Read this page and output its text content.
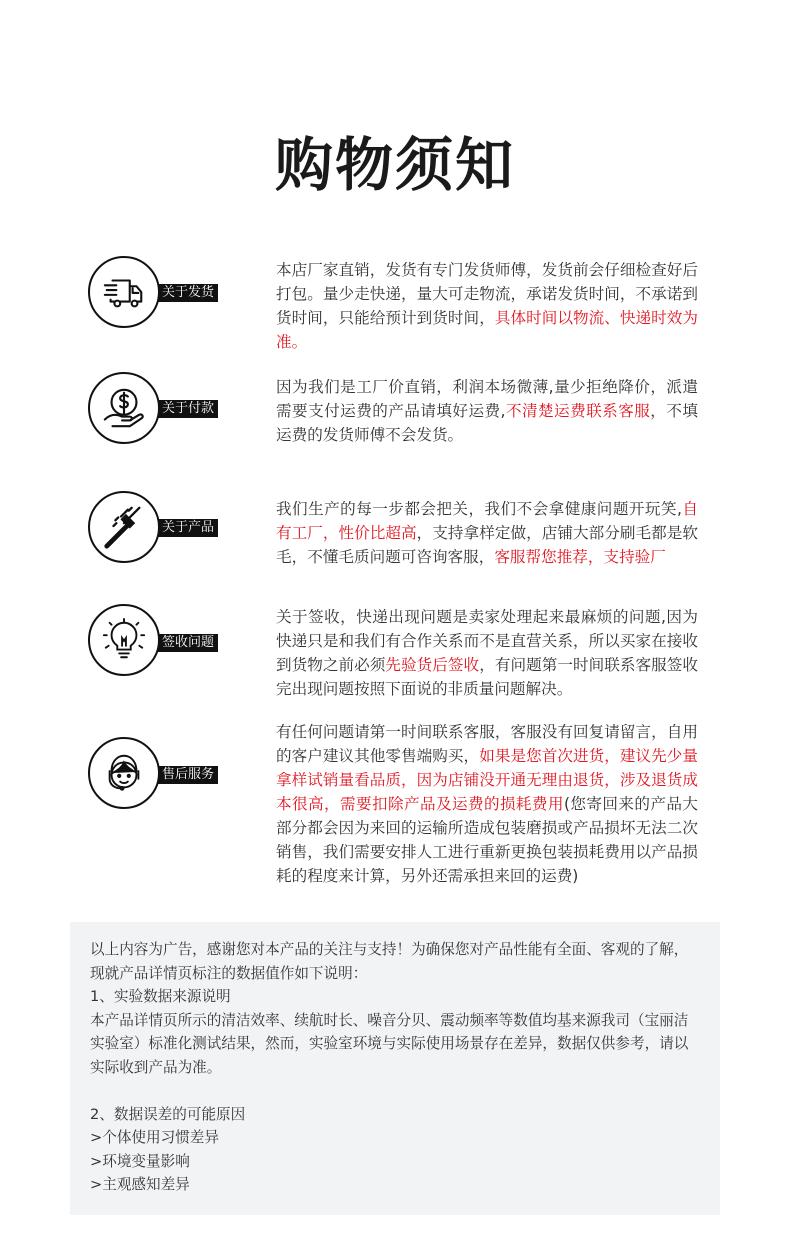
购物须知
关于发货
本店厂家直销，发货有专门发货师傅，发货前会仔细检查好后打包。量少走快递，量大可走物流，承诺发货时间，不承诺到货时间，只能给预计到货时间，具体时间以物流、快递时效为准。
关于付款
因为我们是工厂价直销，利润本场微薄,量少拒绝降价，派遣需要支付运费的产品请填好运费,不清楚运费联系客服，不填运费的发货师傅不会发货。
关于产品
我们生产的每一步都会把关，我们不会拿健康问题开玩笑,自有工厂，性价比超高，支持拿样定做，店铺大部分刷毛都是软毛，不懂毛质问题可咨询客服，客服帮您推荐，支持验厂
签收问题
关于签收，快递出现问题是卖家处理起来最麻烦的问题,因为快递只是和我们有合作关系而不是直营关系，所以买家在接收到货物之前必须先验货后签收，有问题第一时间联系客服签收完出现问题按照下面说的非质量问题解决。
售后服务
有任何问题请第一时间联系客服，客服没有回复请留言，自用的客户建议其他零售端购买，如果是您首次进货，建议先少量拿样试销量看品质，因为店铺没开通无理由退货，涉及退货成本很高，需要扣除产品及运费的损耗费用(您寄回来的产品大部分都会因为来回的运输所造成包装磨损或产品损坏无法二次销售，我们需要安排人工进行重新更换包装损耗费用以产品损耗的程度来计算，另外还需承担来回的运费)

以上内容为广告，感谢您对本产品的关注与支持！为确保您对产品性能有全面、客观的了解，现就产品详情页标注的数据值作如下说明：

1、实验数据来源说明

本产品详情页所示的清洁效率、续航时长、噪音分贝、震动频率等数值均基来源我司（宝丽洁实验室）标准化测试结果，然而，实验室环境与实际使用场景存在差异，数据仅供参考，请以实际收到产品为准。

2、数据误差的可能原因

>个体使用习惯差异

>环境变量影响

>主观感知差异
